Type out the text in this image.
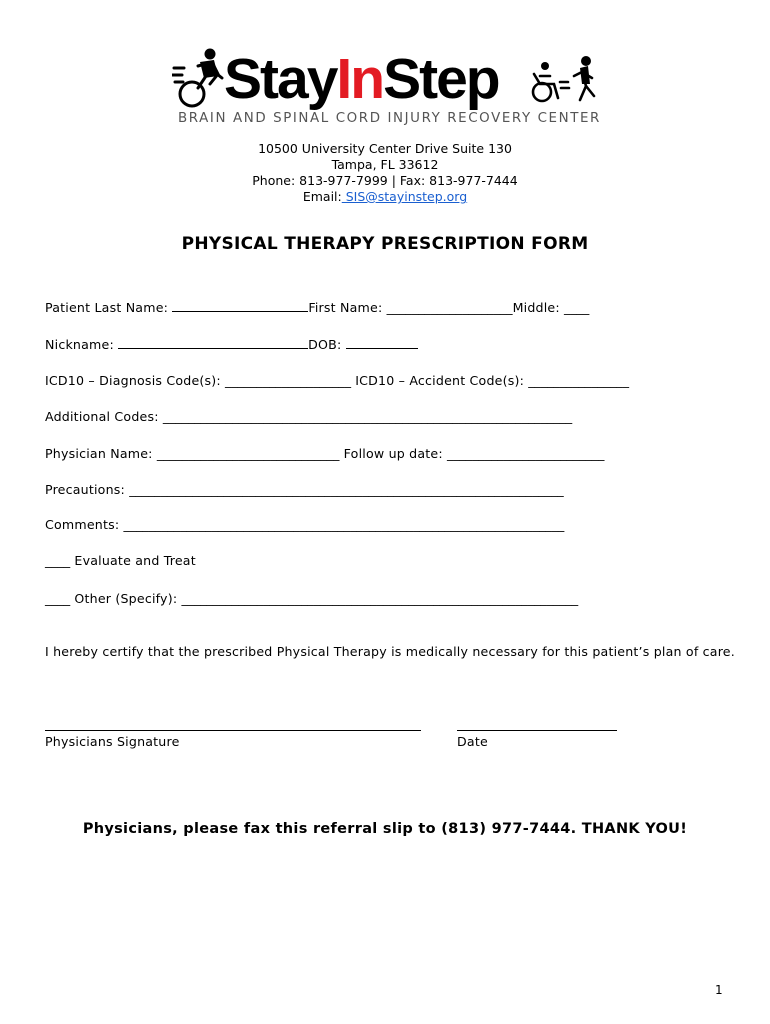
StayInStep
BRAIN AND SPINAL CORD INJURY RECOVERY CENTER
10500 University Center Drive Suite 130
Tampa, FL 33612
Phone: 813-977-7999 | Fax: 813-977-7444
Email: SIS@stayinstep.org
PHYSICAL THERAPY PRESCRIPTION FORM
Patient Last Name:	First Name: ____________________Middle: ____
Nickname:	DOB:
ICD10 – Diagnosis Code(s): ____________________ ICD10 – Accident Code(s): ________________
Additional Codes: _________________________________________________________________
Physician Name: _____________________________ Follow up date: _________________________
Precautions: _____________________________________________________________________
Comments: ______________________________________________________________________
____ Evaluate and Treat
____ Other (Specify): _______________________________________________________________
I hereby certify that the prescribed Physical Therapy is medically necessary for this patient’s plan of care.
Physicians Signature	Date
Physicians, please fax this referral slip to (813) 977-7444. THANK YOU!
1
